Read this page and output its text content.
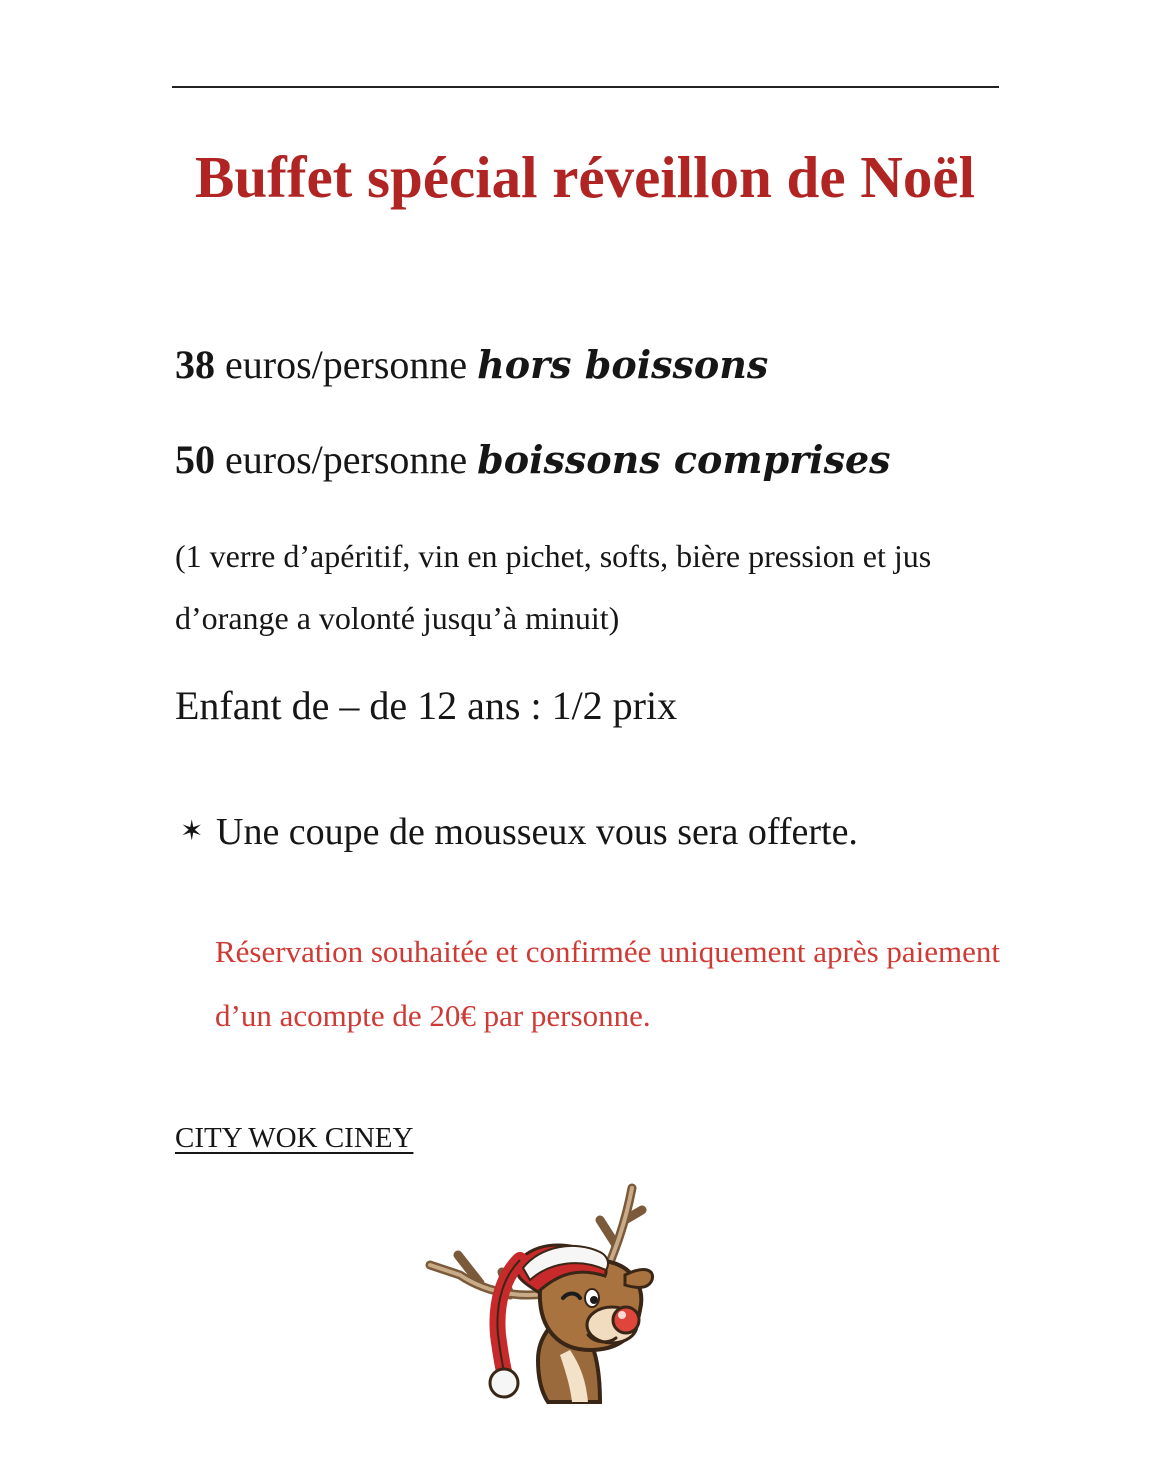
Buffet spécial réveillon de Noël

38 euros/personne hors boissons

50 euros/personne boissons comprises

(1 verre d’apéritif, vin en pichet, softs, bière pression et jus d’orange a volonté jusqu’à minuit)

Enfant de – de 12 ans : 1/2 prix

✶ Une coupe de mousseux vous sera offerte.

Réservation souhaitée et confirmée uniquement après paiement d’un acompte de 20€ par personne.

CITY WOK CINEY
